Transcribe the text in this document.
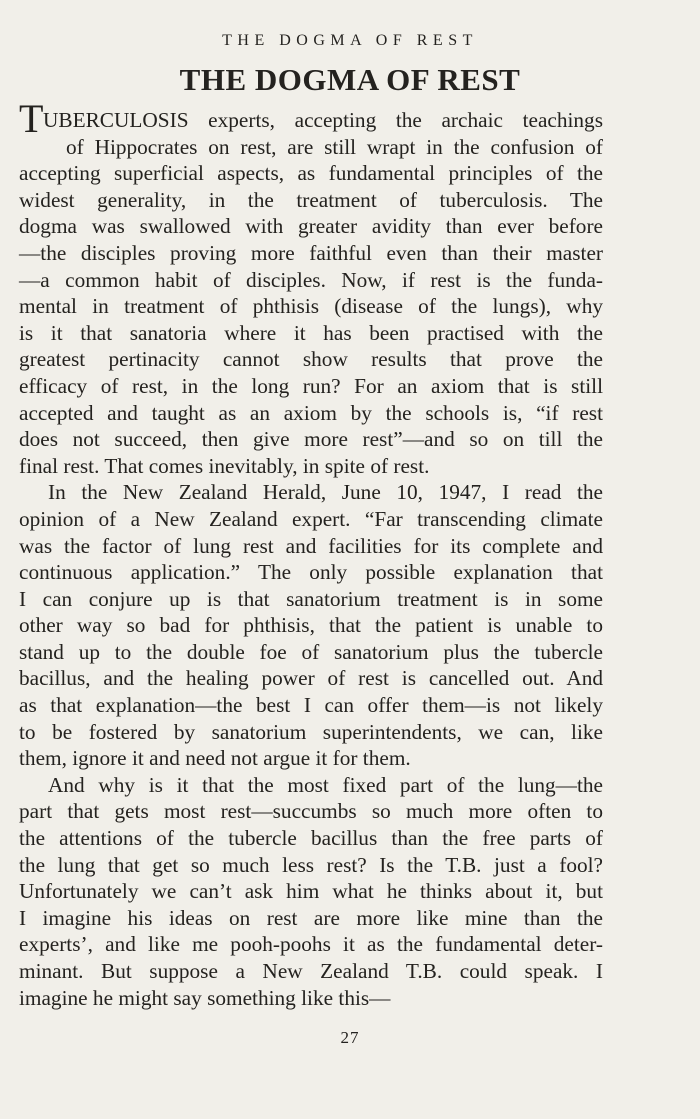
THE DOGMA OF REST
THE DOGMA OF REST
T UBERCULOSIS experts, accepting the archaic teachings
of Hippocrates on rest, are still wrapt in the confusion of
accepting superficial aspects, as fundamental principles of the
widest generality, in the treatment of tuberculosis. The
dogma was swallowed with greater avidity than ever before
—the disciples proving more faithful even than their master
—a common habit of disciples. Now, if rest is the funda-
mental in treatment of phthisis (disease of the lungs), why
is it that sanatoria where it has been practised with the
greatest pertinacity cannot show results that prove the
efficacy of rest, in the long run? For an axiom that is still
accepted and taught as an axiom by the schools is, “if rest
does not succeed, then give more rest”—and so on till the
final rest. That comes inevitably, in spite of rest.
In the New Zealand Herald, June 10, 1947, I read the
opinion of a New Zealand expert. “Far transcending climate
was the factor of lung rest and facilities for its complete and
continuous application.” The only possible explanation that
I can conjure up is that sanatorium treatment is in some
other way so bad for phthisis, that the patient is unable to
stand up to the double foe of sanatorium plus the tubercle
bacillus, and the healing power of rest is cancelled out. And
as that explanation—the best I can offer them—is not likely
to be fostered by sanatorium superintendents, we can, like
them, ignore it and need not argue it for them.
And why is it that the most fixed part of the lung—the
part that gets most rest—succumbs so much more often to
the attentions of the tubercle bacillus than the free parts of
the lung that get so much less rest? Is the T.B. just a fool?
Unfortunately we can’t ask him what he thinks about it, but
I imagine his ideas on rest are more like mine than the
experts’, and like me pooh-poohs it as the fundamental deter-
minant. But suppose a New Zealand T.B. could speak. I
imagine he might say something like this—
27
